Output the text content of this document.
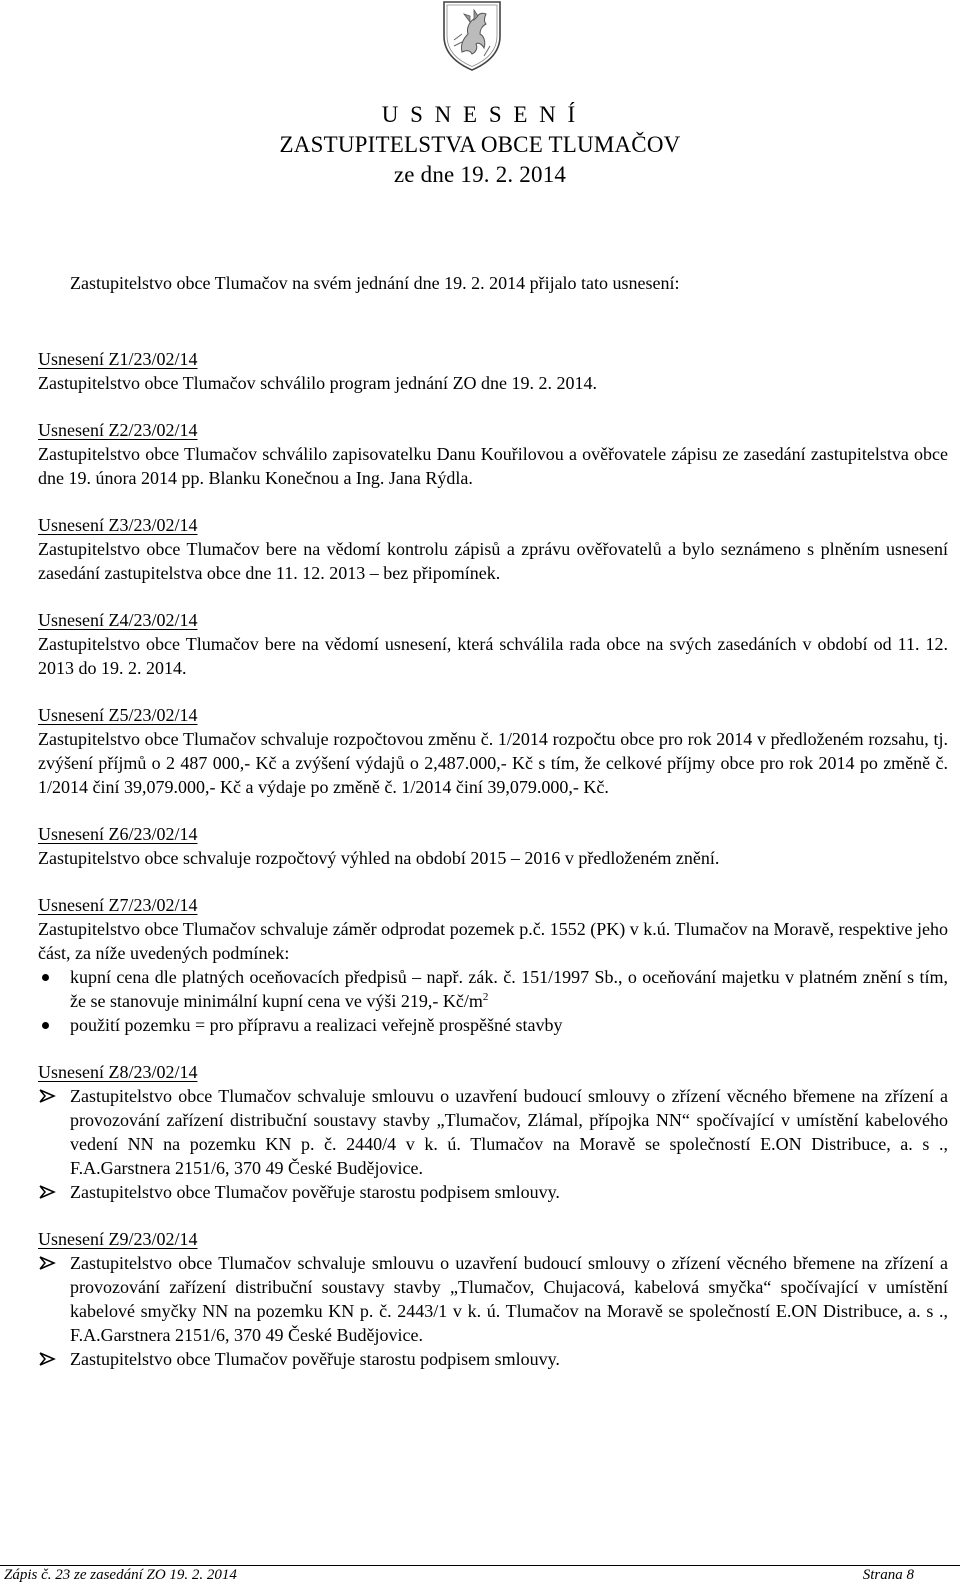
U S N E S E N Í
ZASTUPITELSTVA OBCE TLUMAČOV
ze dne 19. 2. 2014
Zastupitelstvo obce Tlumačov na svém jednání dne 19. 2. 2014 přijalo tato usnesení:
Usnesení Z1/23/02/14
Zastupitelstvo obce Tlumačov schválilo program jednání ZO dne 19. 2. 2014.
Usnesení Z2/23/02/14
Zastupitelstvo obce Tlumačov schválilo zapisovatelku Danu Kouřilovou a ověřovatele zápisu ze zasedání zastupitelstva obce dne 19. února 2014 pp. Blanku Konečnou a Ing. Jana Rýdla.
Usnesení Z3/23/02/14
Zastupitelstvo obce Tlumačov bere na vědomí kontrolu zápisů a zprávu ověřovatelů a bylo seznámeno s plněním usnesení zasedání zastupitelstva obce dne 11. 12. 2013 – bez připomínek.
Usnesení Z4/23/02/14
Zastupitelstvo obce Tlumačov bere na vědomí usnesení, která schválila rada obce na svých zasedáních v období od 11. 12. 2013 do 19. 2. 2014.
Usnesení Z5/23/02/14
Zastupitelstvo obce Tlumačov schvaluje rozpočtovou změnu č. 1/2014 rozpočtu obce pro rok 2014 v předloženém rozsahu, tj. zvýšení příjmů o 2 487 000,- Kč a zvýšení výdajů o 2,487.000,- Kč s tím, že celkové příjmy obce pro rok 2014 po změně č. 1/2014 činí 39,079.000,- Kč a výdaje po změně č. 1/2014 činí 39,079.000,- Kč.
Usnesení Z6/23/02/14
Zastupitelstvo obce schvaluje rozpočtový výhled na období 2015 – 2016 v předloženém znění.
Usnesení Z7/23/02/14
Zastupitelstvo obce Tlumačov schvaluje záměr odprodat pozemek p.č. 1552 (PK) v k.ú. Tlumačov na Moravě, respektive jeho část, za níže uvedených podmínek:
kupní cena dle platných oceňovacích předpisů – např. zák. č. 151/1997 Sb., o oceňování majetku v platném znění s tím, že se stanovuje minimální kupní cena ve výši 219,- $Kč/m^2$
použití pozemku = pro přípravu a realizaci veřejně prospěšné stavby
Usnesení Z8/23/02/14
Zastupitelstvo obce Tlumačov schvaluje smlouvu o uzavření budoucí smlouvy o zřízení věcného břemene na zřízení a provozování zařízení distribuční soustavy stavby „Tlumačov, Zlámal, přípojka NN“ spočívající v umístění kabelového vedení NN na pozemku KN p. č. 2440/4 v k. ú. Tlumačov na Moravě se společností E.ON Distribuce, a. s ., F.A.Garstnera 2151/6, 370 49 České Budějovice.
Zastupitelstvo obce Tlumačov pověřuje starostu podpisem smlouvy.
Usnesení Z9/23/02/14
Zastupitelstvo obce Tlumačov schvaluje smlouvu o uzavření budoucí smlouvy o zřízení věcného břemene na zřízení a provozování zařízení distribuční soustavy stavby „Tlumačov, Chujacová, kabelová smyčka“ spočívající v umístění kabelové smyčky NN na pozemku KN p. č. 2443/1 v k. ú. Tlumačov na Moravě se společností E.ON Distribuce, a. s ., F.A.Garstnera 2151/6, 370 49 České Budějovice.
Zastupitelstvo obce Tlumačov pověřuje starostu podpisem smlouvy.
Zápis č. 23 ze zasedání ZO 19. 2. 2014	Strana 8
